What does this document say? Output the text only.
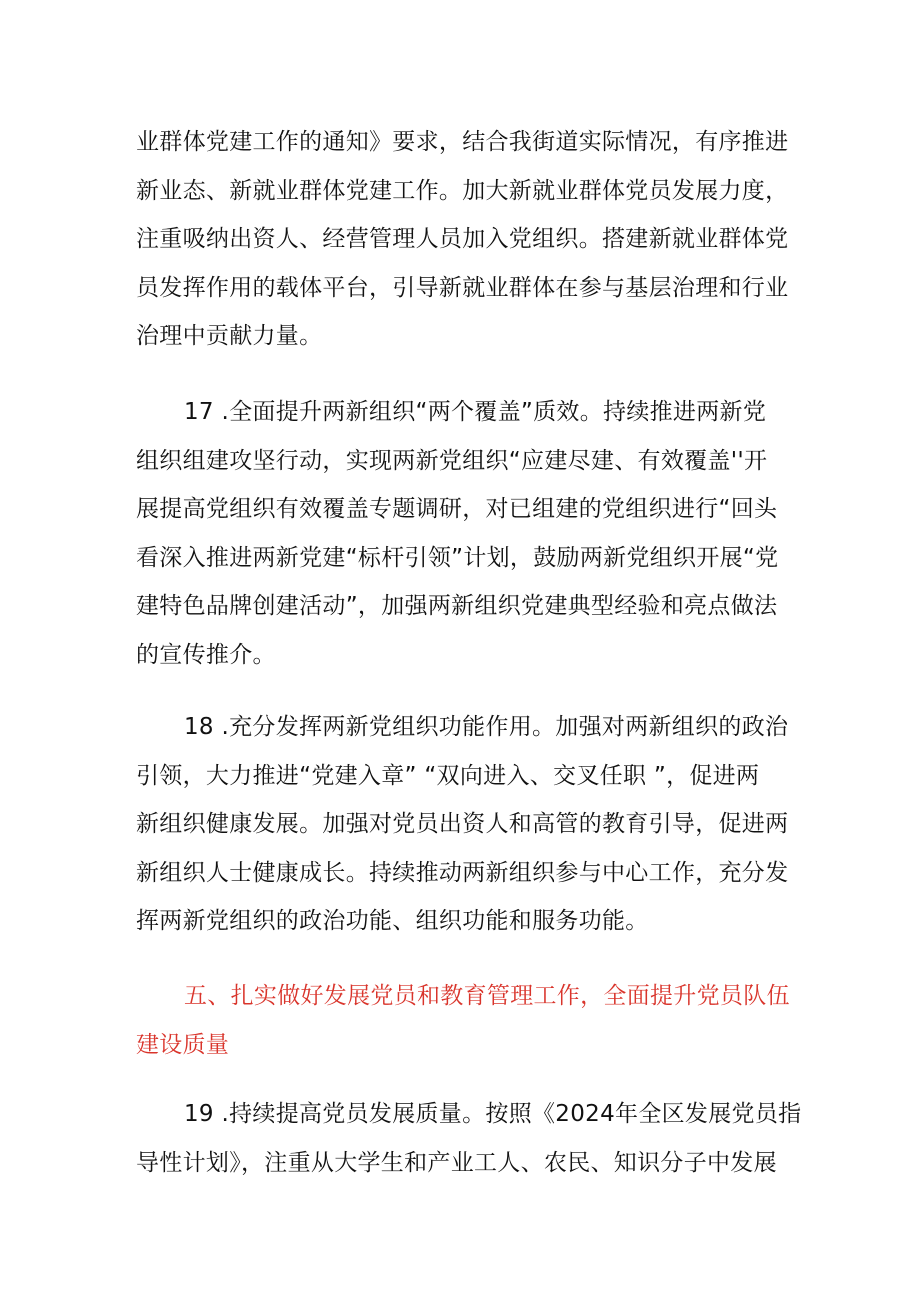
业群体党建工作的通知》要求，结合我街道实际情况，有序推进
新业态、新就业群体党建工作。加大新就业群体党员发展力度，
注重吸纳出资人、经营管理人员加入党组织。搭建新就业群体党
员发挥作用的载体平台，引导新就业群体在参与基层治理和行业
治理中贡献力量。
17 .全面提升两新组织“两个覆盖”质效。持续推进两新党
组织组建攻坚行动，实现两新党组织“应建尽建、有效覆盖''开
展提高党组织有效覆盖专题调研，对已组建的党组织进行“回头
看深入推进两新党建“标杆引领”计划，鼓励两新党组织开展“党
建特色品牌创建活动”，加强两新组织党建典型经验和亮点做法
的宣传推介。
18 .充分发挥两新党组织功能作用。加强对两新组织的政治
引领，大力推进“党建入章” “双向进入、交叉任职 ”，促进两
新组织健康发展。加强对党员出资人和高管的教育引导，促进两
新组织人士健康成长。持续推动两新组织参与中心工作，充分发
挥两新党组织的政治功能、组织功能和服务功能。
五、扎实做好发展党员和教育管理工作，全面提升党员队伍
建设质量
19 .持续提高党员发展质量。按照《2024年全区发展党员指
导性计划》，注重从大学生和产业工人、农民、知识分子中发展
